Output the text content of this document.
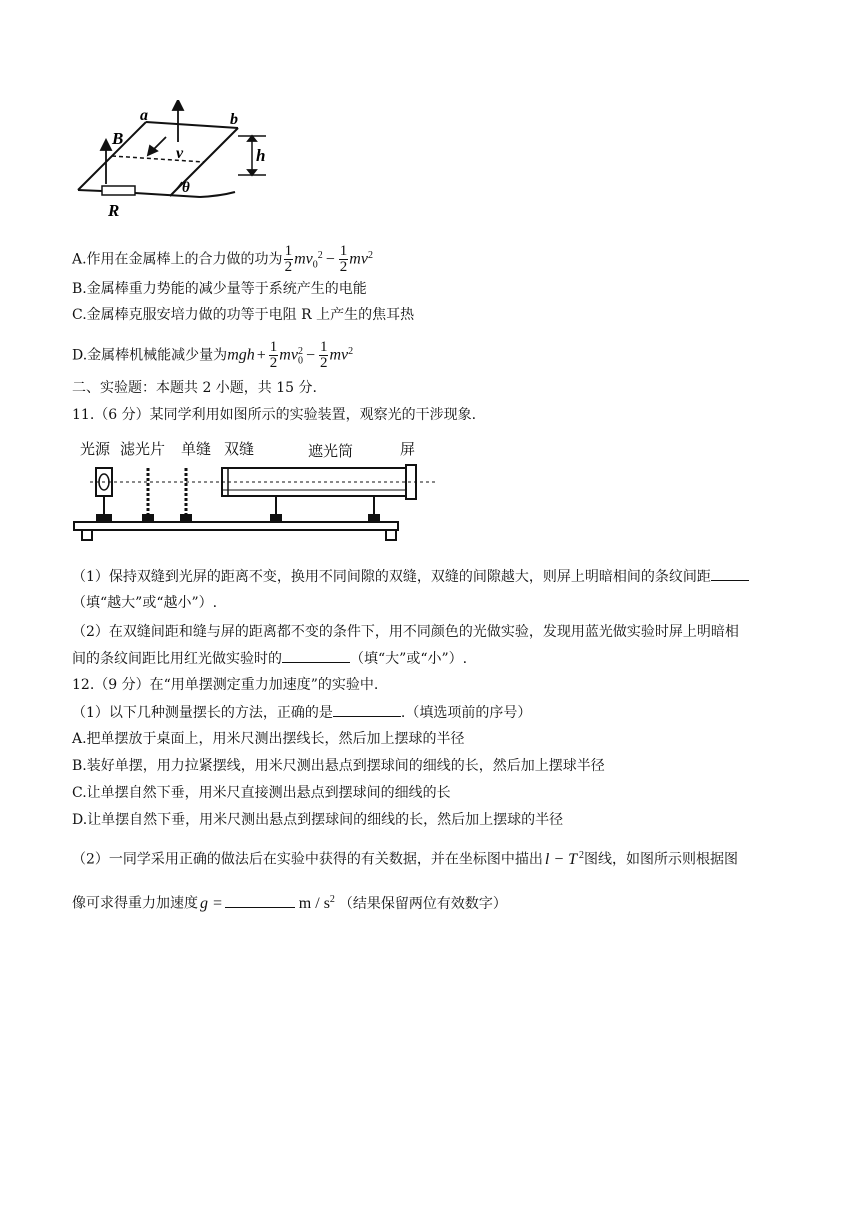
a	b
B
v	h
θ
R
A.作用在金属棒上的合力做的功为 $\frac{1}{2} mv_0^2 - \frac{1}{2} mv^2$
B.金属棒重力势能的减少量等于系统产生的电能
C.金属棒克服安培力做的功等于电阻 R 上产生的焦耳热
D.金属棒机械能减少量为mgh + $\frac{1}{2} mv_0^2 - \frac{1}{2} mv^2$
二、实验题：本题共 2 小题，共 15 分.
11.（6 分）某同学利用如图所示的实验装置，观察光的干涉现象.
光源 滤光片 单缝 双缝	遮光筒	屏
（1）保持双缝到光屏的距离不变，换用不同间隙的双缝，双缝的间隙越大，则屏上明暗相间的条纹间距
（填“越大”或“越小”）.
（2）在双缝间距和缝与屏的距离都不变的条件下，用不同颜色的光做实验，发现用蓝光做实验时屏上明暗相
间的条纹间距比用红光做实验时的	（填“大”或“小”）.
12.（9 分）在“用单摆测定重力加速度”的实验中.
（1）以下几种测量摆长的方法，正确的是	.（填选项前的序号）
A.把单摆放于桌面上，用米尺测出摆线长，然后加上摆球的半径
B.装好单摆，用力拉紧摆线，用米尺测出悬点到摆球间的细线的长，然后加上摆球半径
C.让单摆自然下垂，用米尺直接测出悬点到摆球间的细线的长
D.让单摆自然下垂，用米尺测出悬点到摆球间的细线的长，然后加上摆球的半径
（2）一同学采用正确的做法后在实验中获得的有关数据，并在坐标图中描出 l − T $^2$图线，如图所示则根据图
像可求得重力加速度 g =	m / $s^2$ （结果保留两位有效数字）
